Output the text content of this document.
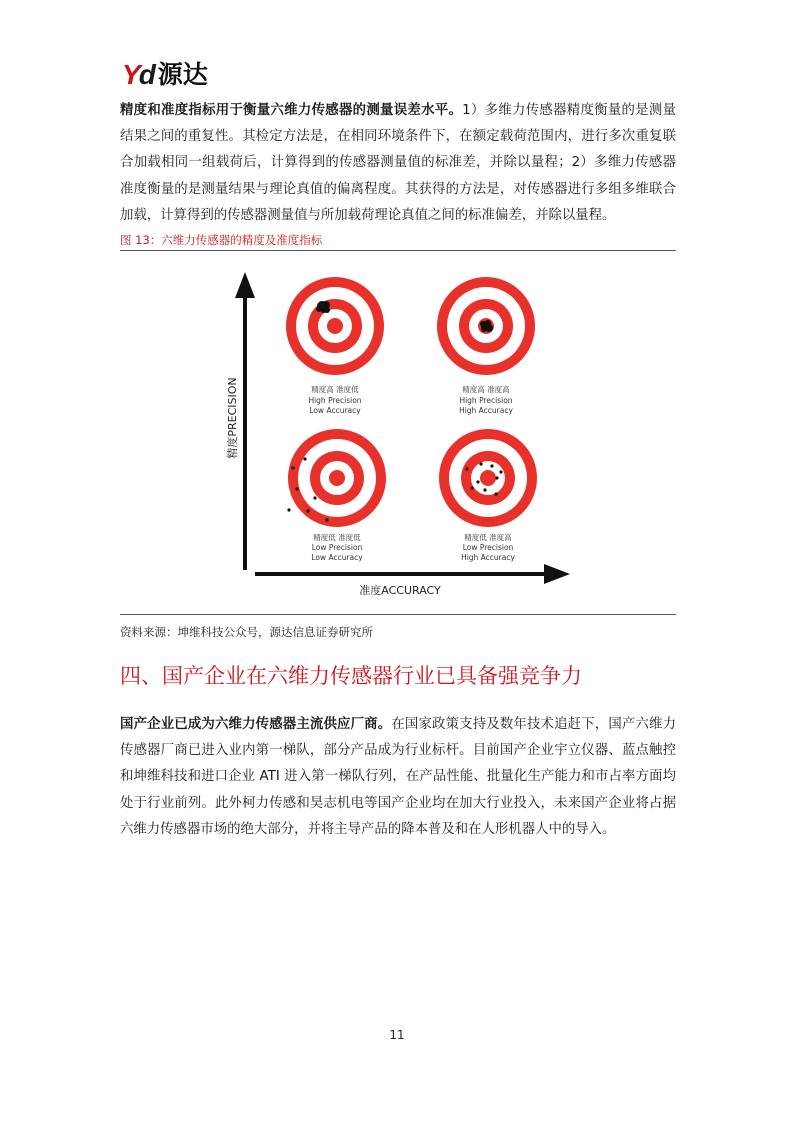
Yd 源达

精度和准度指标用于衡量六维力传感器的测量误差水平。1）多维力传感器精度衡量的是测量结果之间的重复性。其检定方法是，在相同环境条件下，在额定载荷范围内，进行多次重复联合加载相同一组载荷后，计算得到的传感器测量值的标准差，并除以量程；2）多维力传感器准度衡量的是测量结果与理论真值的偏离程度。其获得的方法是，对传感器进行多组多维联合加载，计算得到的传感器测量值与所加载荷理论真值之间的标准偏差，并除以量程。

图 13：六维力传感器的精度及准度指标
精度PRECISION
准度ACCURACY
精度高 准度低
High Precision
Low Accuracy
精度高 准度高
High Precision
High Accuracy
精度低 准度低
Low Precision
Low Accuracy
精度低 准度高
Low Precision
High Accuracy
资料来源：坤维科技公众号，源达信息证券研究所
四、国产企业在六维力传感器行业已具备强竞争力

国产企业已成为六维力传感器主流供应厂商。在国家政策支持及数年技术追赶下，国产六维力传感器厂商已进入业内第一梯队，部分产品成为行业标杆。目前国产企业宇立仪器、蓝点触控和坤维科技和进口企业 ATI 进入第一梯队行列，在产品性能、批量化生产能力和市占率方面均处于行业前列。此外柯力传感和昊志机电等国产企业均在加大行业投入，未来国产企业将占据六维力传感器市场的绝大部分，并将主导产品的降本普及和在人形机器人中的导入。

11
